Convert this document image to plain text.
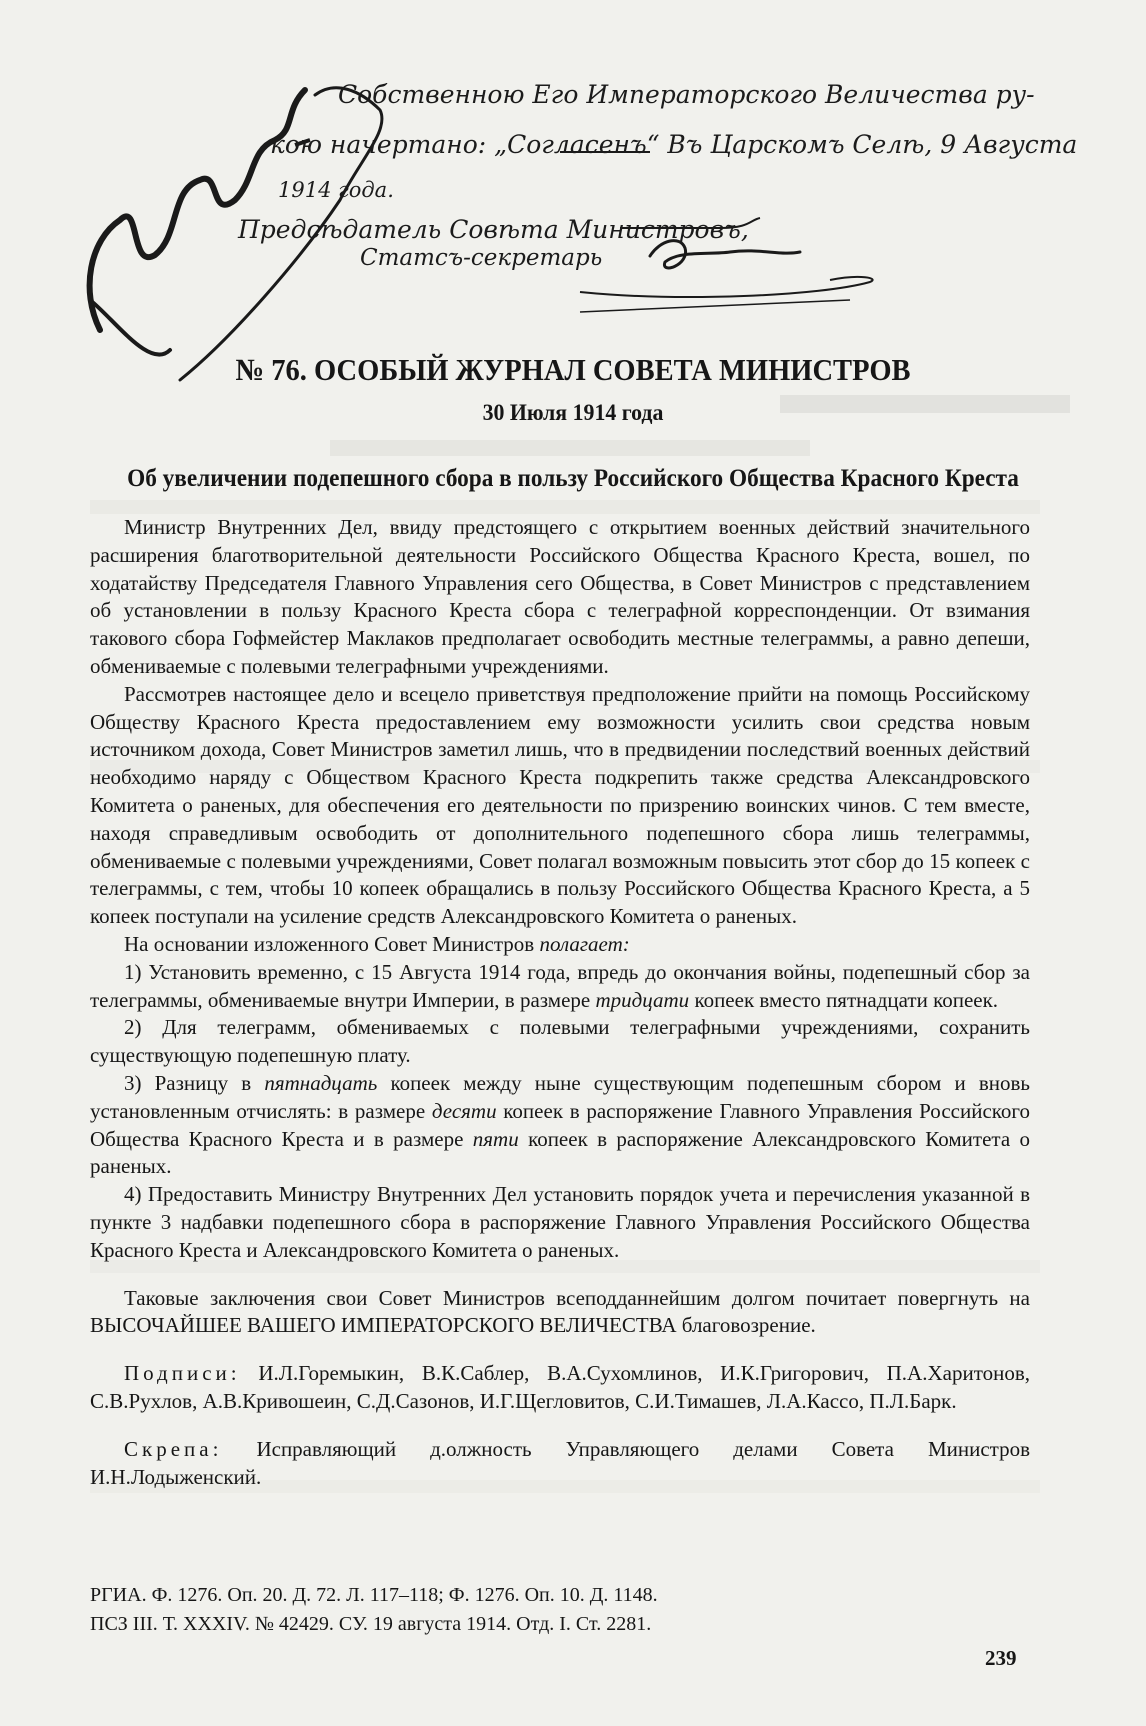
Собственною Его Императорского Величества ру-
кою начертано: „Согласенъ“ Въ Царскомъ Селѣ, 9 Августа
1914 года.
Предсѣдатель Совѣта Министровъ,
Статсъ-секретарь
№ 76. ОСОБЫЙ ЖУРНАЛ СОВЕТА МИНИСТРОВ
30 Июля 1914 года
Об увеличении подепешного сбора в пользу Российского Общества Красного Креста

Министр Внутренних Дел, ввиду предстоящего с открытием военных действий значительного расширения благотворительной деятельности Российского Общества Красного Креста, вошел, по ходатайству Председателя Главного Управления сего Общества, в Совет Министров с представлением об установлении в пользу Красного Креста сбора с телеграфной корреспонденции. От взимания такового сбора Гофмейстер Маклаков предполагает освободить местные телеграммы, а равно депеши, обмениваемые с полевыми телеграфными учреждениями.

Рассмотрев настоящее дело и всецело приветствуя предположение прийти на помощь Российскому Обществу Красного Креста предоставлением ему возможности усилить свои средства новым источником дохода, Совет Министров заметил лишь, что в предвидении последствий военных действий необходимо наряду с Обществом Красного Креста подкрепить также средства Александровского Комитета о раненых, для обеспечения его деятельности по призрению воинских чинов. С тем вместе, находя справедливым освободить от дополнительного подепешного сбора лишь телеграммы, обмениваемые с полевыми учреждениями, Совет полагал возможным повысить этот сбор до 15 копеек с телеграммы, с тем, чтобы 10 копеек обращались в пользу Российского Общества Красного Креста, а 5 копеек поступали на усиление средств Александровского Комитета о раненых.

На основании изложенного Совет Министров полагает:

1) Установить временно, с 15 Августа 1914 года, впредь до окончания войны, подепешный сбор за телеграммы, обмениваемые внутри Империи, в размере тридцати копеек вместо пятнадцати копеек.

2) Для телеграмм, обмениваемых с полевыми телеграфными учреждениями, сохранить существующую подепешную плату.

3) Разницу в пятнадцать копеек между ныне существующим подепешным сбором и вновь установленным отчислять: в размере десяти копеек в распоряжение Главного Управления Российского Общества Красного Креста и в размере пяти копеек в распоряжение Александровского Комитета о раненых.

4) Предоставить Министру Внутренних Дел установить порядок учета и перечисления указанной в пункте 3 надбавки подепешного сбора в распоряжение Главного Управления Российского Общества Красного Креста и Александровского Комитета о раненых.

Таковые заключения свои Совет Министров всеподданнейшим долгом почитает повергнуть на ВЫСОЧАЙШЕЕ ВАШЕГО ИМПЕРАТОРСКОГО ВЕЛИЧЕСТВА благовозрение.

Подписи: И.Л.Горемыкин, В.К.Саблер, В.А.Сухомлинов, И.К.Григорович, П.А.Харитонов, С.В.Рухлов, А.В.Кривошеин, С.Д.Сазонов, И.Г.Щегловитов, С.И.Тимашев, Л.А.Кассо, П.Л.Барк.

Скрепа: Исправляющий д.олжность Управляющего делами Совета Министров И.Н.Лодыженский.

РГИА. Ф. 1276. Оп. 20. Д. 72. Л. 117–118; Ф. 1276. Оп. 10. Д. 1148.
ПСЗ III. Т. XXXIV. № 42429. СУ. 19 августа 1914. Отд. I. Ст. 2281.
239
